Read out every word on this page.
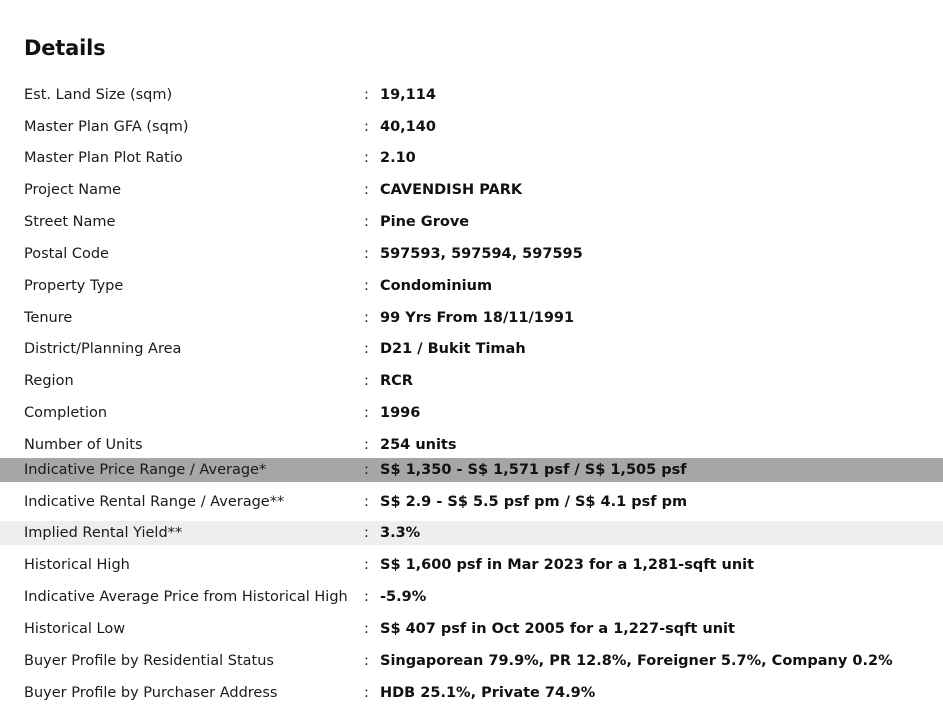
Details
Est. Land Size (sqm)	: 19,114
Master Plan GFA (sqm)	: 40,140
Master Plan Plot Ratio	: 2.10
Project Name	: CAVENDISH PARK
Street Name	: Pine Grove
Postal Code	: 597593, 597594, 597595
Property Type	: Condominium
Tenure	: 99 Yrs From 18/11/1991
District/Planning Area	: D21 / Bukit Timah
Region	: RCR
Completion	: 1996
Number of Units	: 254 units
Indicative Price Range / Average*	: S$ 1,350 - S$ 1,571 psf / S$ 1,505 psf
Indicative Rental Range / Average**	: S$ 2.9 - S$ 5.5 psf pm / S$ 4.1 psf pm
Implied Rental Yield**	: 3.3%
Historical High	: S$ 1,600 psf in Mar 2023 for a 1,281-sqft unit
Indicative Average Price from Historical High : -5.9%
Historical Low	: S$ 407 psf in Oct 2005 for a 1,227-sqft unit
Buyer Profile by Residential Status	: Singaporean 79.9%, PR 12.8%, Foreigner 5.7%, Company 0.2%
Buyer Profile by Purchaser Address	: HDB 25.1%, Private 74.9%
